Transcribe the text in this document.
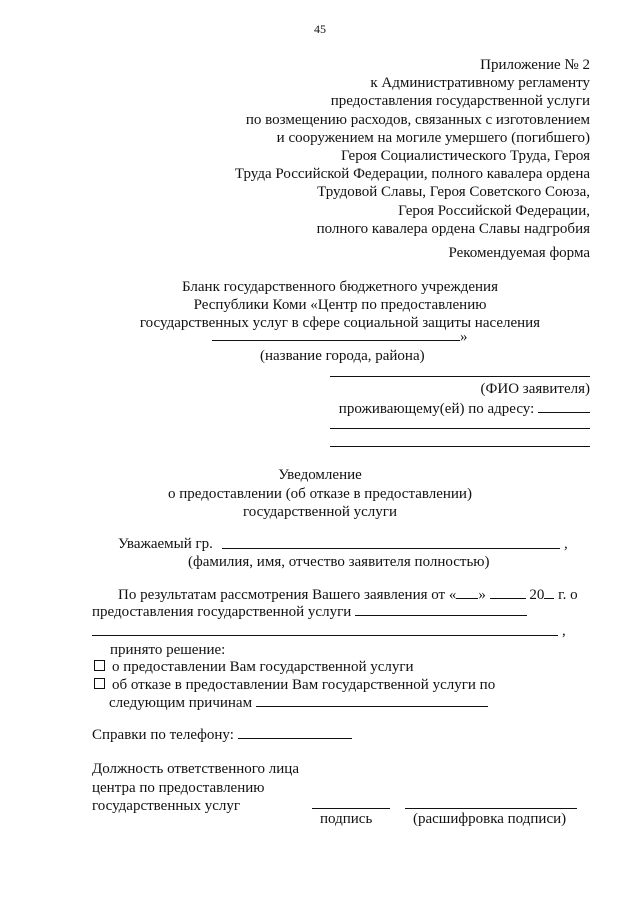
45
Приложение № 2
к Административному регламенту
предоставления государственной услуги
по возмещению расходов, связанных с изготовлением
и сооружением на могиле умершего (погибшего)
Героя Социалистического Труда, Героя
Труда Российской Федерации, полного кавалера ордена
Трудовой Славы, Героя Советского Союза,
Героя Российской Федерации,
полного кавалера ордена Славы надгробия
Рекомендуемая форма
Бланк государственного бюджетного учреждения
Республики Коми «Центр по предоставлению
государственных услуг в сфере социальной защиты населения
»
(название города, района)
(ФИО заявителя)
проживающему(ей) по адресу:
Уведомление
о предоставлении (об отказе в предоставлении)
государственной услуги
Уважаемый гр.	,
(фамилия, имя, отчество заявителя полностью)
По результатам рассмотрения Вашего заявления от « »	20 г. о
предоставления государственной услуги
,
принято решение:
о предоставлении Вам государственной услуги
об отказе в предоставлении Вам государственной услуги по
следующим причинам
Справки по телефону:
Должность ответственного лица
центра по предоставлению
государственных услуг
подпись	(расшифровка подписи)
